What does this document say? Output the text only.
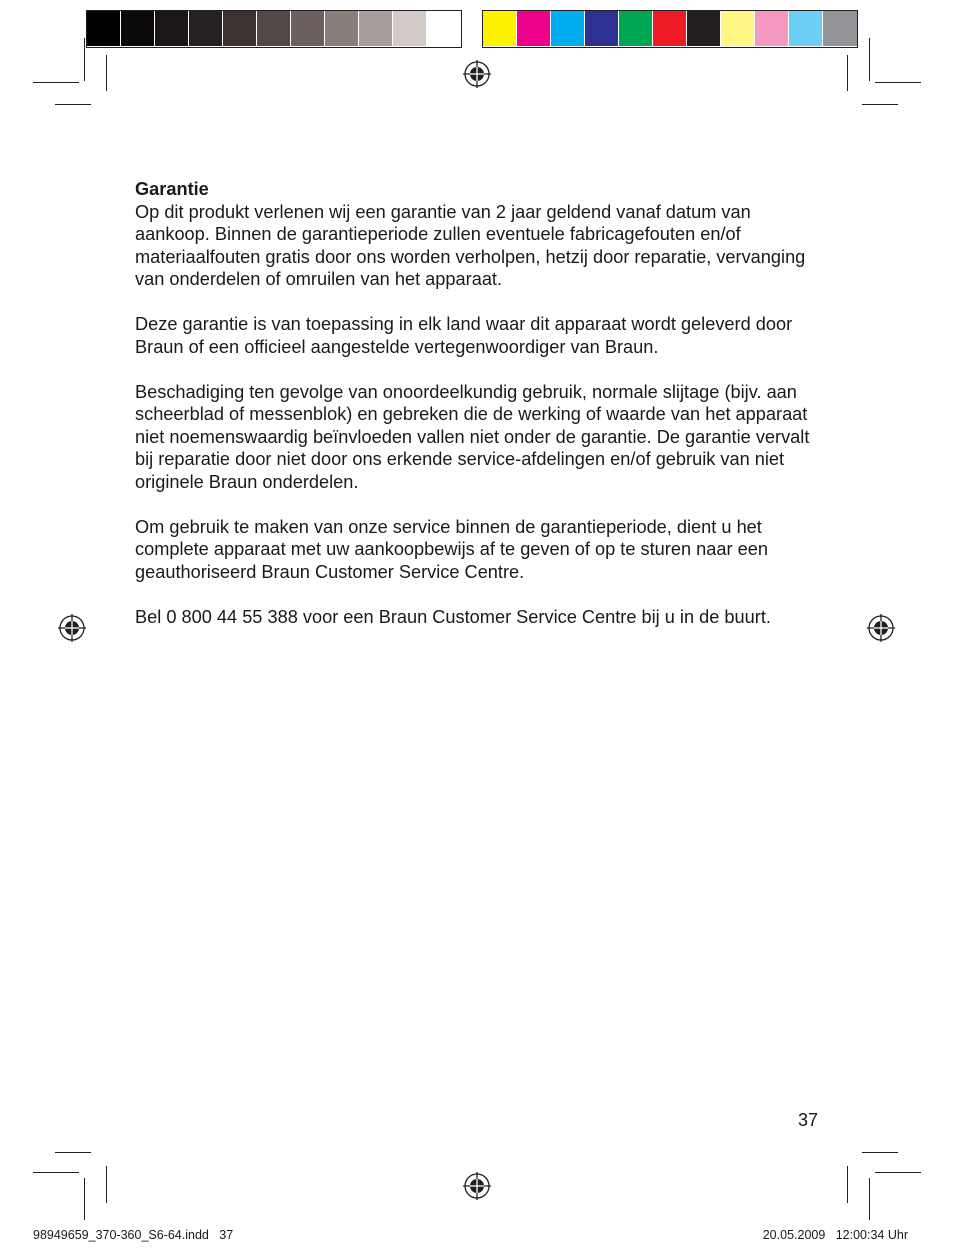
Garantie

Op dit produkt verlenen wij een garantie van 2 jaar geldend vanaf datum van aankoop. Binnen de garantieperiode zullen eventuele fabricagefouten en/of materiaalfouten gratis door ons worden verholpen, hetzij door reparatie, vervanging van onderdelen of omruilen van het apparaat.

Deze garantie is van toepassing in elk land waar dit apparaat wordt geleverd door Braun of een officieel aangestelde vertegenwoordiger van Braun.

Beschadiging ten gevolge van onoordeelkundig gebruik, normale slijtage (bijv. aan scheerblad of messenblok) en gebreken die de werking of waarde van het apparaat niet noemenswaardig beïnvloeden vallen niet onder de garantie. De garantie vervalt bij reparatie door niet door ons erkende service-afdelingen en/of gebruik van niet originele Braun onderdelen.

Om gebruik te maken van onze service binnen de garantieperiode, dient u het complete apparaat met uw aankoopbewijs af te geven of op te sturen naar een geauthoriseerd Braun Customer Service Centre.

Bel 0 800 44 55 388 voor een Braun Customer Service Centre bij u in de buurt.

37
98949659_370-360_S6-64.indd   37	20.05.2009   12:00:34 Uhr
